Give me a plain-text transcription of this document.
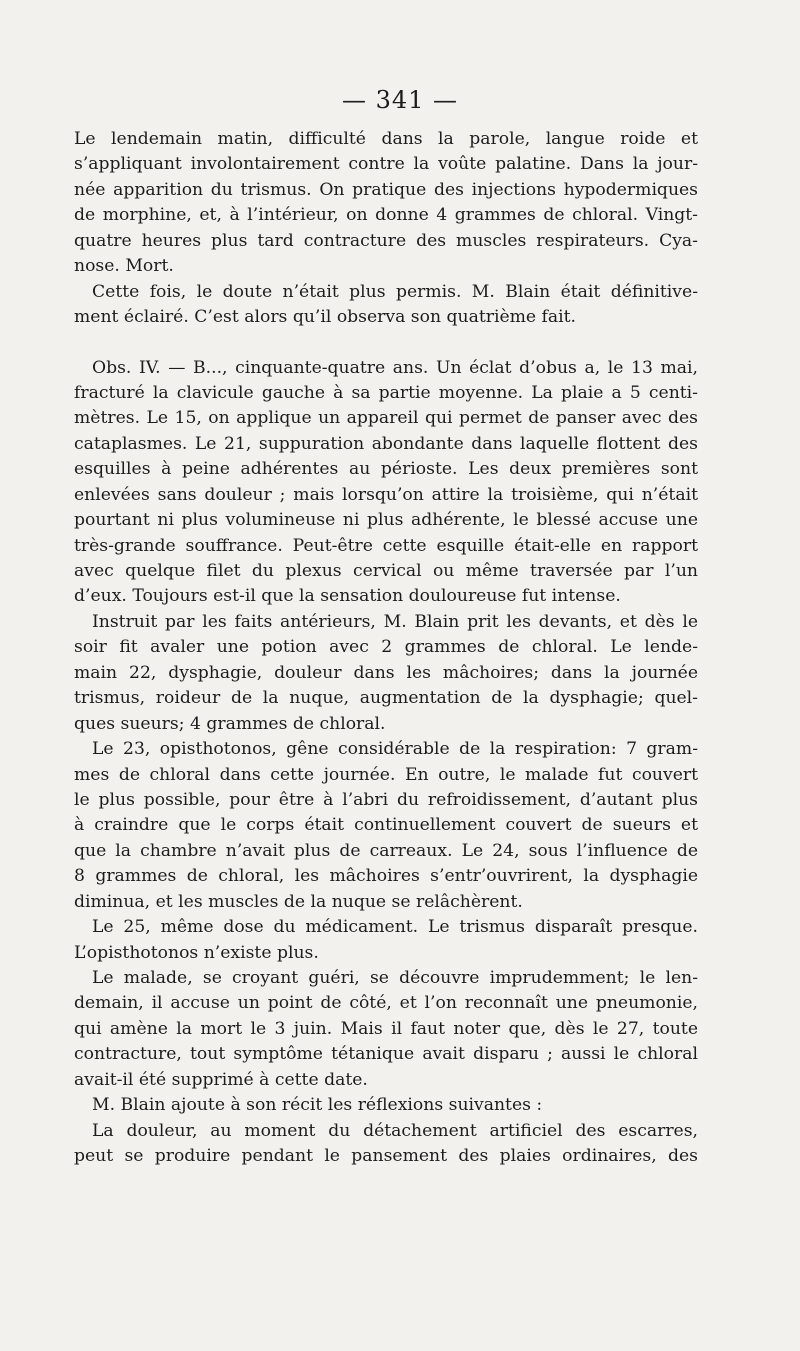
— 341 —
Le lendemain matin, difficulté dans la parole, langue roide et
s’appliquant involontairement contre la voûte palatine. Dans la jour-
née apparition du trismus. On pratique des injections hypodermiques
de morphine, et, à l’intérieur, on donne 4 grammes de chloral. Vingt-
quatre heures plus tard contracture des muscles respirateurs. Cya-
nose. Mort.
Cette fois, le doute n’était plus permis. M. Blain était définitive-
ment éclairé. C’est alors qu’il observa son quatrième fait.
Obs. IV. — B..., cinquante-quatre ans. Un éclat d’obus a, le 13 mai,
fracturé la clavicule gauche à sa partie moyenne. La plaie a 5 centi-
mètres. Le 15, on applique un appareil qui permet de panser avec des
cataplasmes. Le 21, suppuration abondante dans laquelle flottent des
esquilles à peine adhérentes au périoste. Les deux premières sont
enlevées sans douleur ; mais lorsqu’on attire la troisième, qui n’était
pourtant ni plus volumineuse ni plus adhérente, le blessé accuse une
très-grande souffrance. Peut-être cette esquille était-elle en rapport
avec quelque filet du plexus cervical ou même traversée par l’un
d’eux. Toujours est-il que la sensation douloureuse fut intense.
Instruit par les faits antérieurs, M. Blain prit les devants, et dès le
soir fit avaler une potion avec 2 grammes de chloral. Le lende-
main 22, dysphagie, douleur dans les mâchoires; dans la journée
trismus, roideur de la nuque, augmentation de la dysphagie; quel-
ques sueurs; 4 grammes de chloral.
Le 23, opisthotonos, gêne considérable de la respiration: 7 gram-
mes de chloral dans cette journée. En outre, le malade fut couvert
le plus possible, pour être à l’abri du refroidissement, d’autant plus
à craindre que le corps était continuellement couvert de sueurs et
que la chambre n’avait plus de carreaux. Le 24, sous l’influence de
8 grammes de chloral, les mâchoires s’entr’ouvrirent, la dysphagie
diminua, et les muscles de la nuque se relâchèrent.
Le 25, même dose du médicament. Le trismus disparaît presque.
L’opisthotonos n’existe plus.
Le malade, se croyant guéri, se découvre imprudemment; le len-
demain, il accuse un point de côté, et l’on reconnaît une pneumonie,
qui amène la mort le 3 juin. Mais il faut noter que, dès le 27, toute
contracture, tout symptôme tétanique avait disparu ; aussi le chloral
avait-il été supprimé à cette date.
M. Blain ajoute à son récit les réflexions suivantes :
La douleur, au moment du détachement artificiel des escarres,
peut se produire pendant le pansement des plaies ordinaires, des
